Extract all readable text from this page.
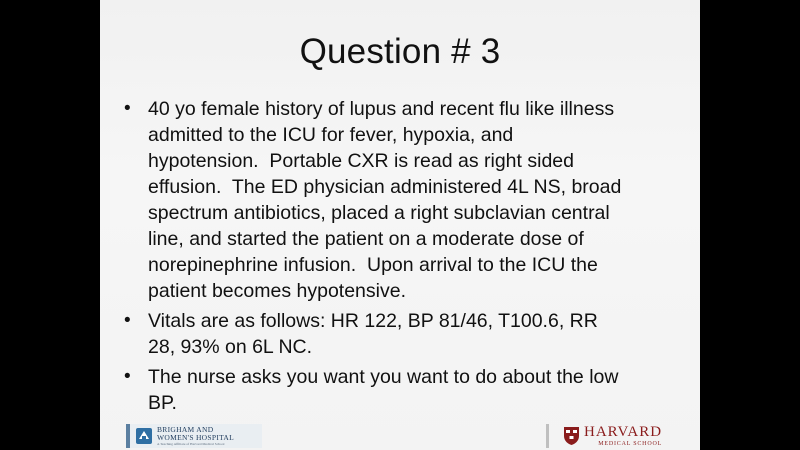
Question # 3
• 40 yo female history of lupus and recent flu like illness
admitted to the ICU for fever, hypoxia, and
hypotension.  Portable CXR is read as right sided
effusion.  The ED physician administered 4L NS, broad
spectrum antibiotics, placed a right subclavian central
line, and started the patient on a moderate dose of
norepinephrine infusion.  Upon arrival to the ICU the
patient becomes hypotensive.
• Vitals are as follows: HR 122, BP 81/46, T100.6, RR
28, 93% on 6L NC.
• The nurse asks you want you want to do about the low
BP.
BRIGHAM AND
WOMEN'S HOSPITAL
A Teaching Affiliate of Harvard Medical School
HARVARD
MEDICAL SCHOOL
